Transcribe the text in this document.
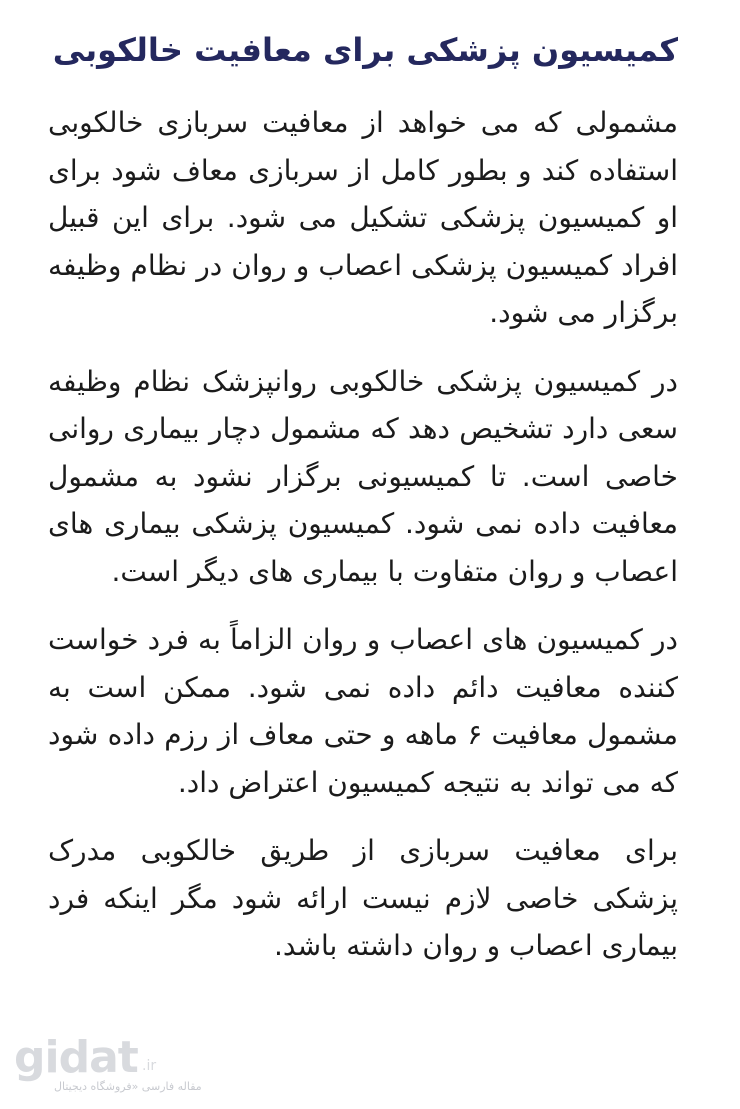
کمیسیون پزشکی برای معافیت خالکوبی

مشمولی که می خواهد از معافیت سربازی خالکوبی استفاده کند و بطور کامل از سربازی معاف شود برای او کمیسیون پزشکی تشکیل می شود. برای این قبیل افراد کمیسیون پزشکی اعصاب و روان در نظام وظیفه برگزار می شود.

در کمیسیون پزشکی خالکوبی روانپزشک نظام وظیفه سعی دارد تشخیص دهد که مشمول دچار بیماری روانی خاصی است. تا کمیسیونی برگزار نشود به مشمول معافیت داده نمی شود. کمیسیون پزشکی بیماری های اعصاب و روان متفاوت با بیماری های دیگر است.

در کمیسیون های اعصاب و روان الزاماً به فرد خواست کننده معافیت دائم داده نمی شود. ممکن است به مشمول معافیت ۶ ماهه و حتی معاف از رزم داده شود که می تواند به نتیجه کمیسیون اعتراض داد.

برای معافیت سربازی از طریق خالکوبی مدرک پزشکی خاصی لازم نیست ارائه شود مگر اینکه فرد بیماری اعصاب و روان داشته باشد.

gidat .ir
مقاله فارسی «فروشگاه دیجیتال
